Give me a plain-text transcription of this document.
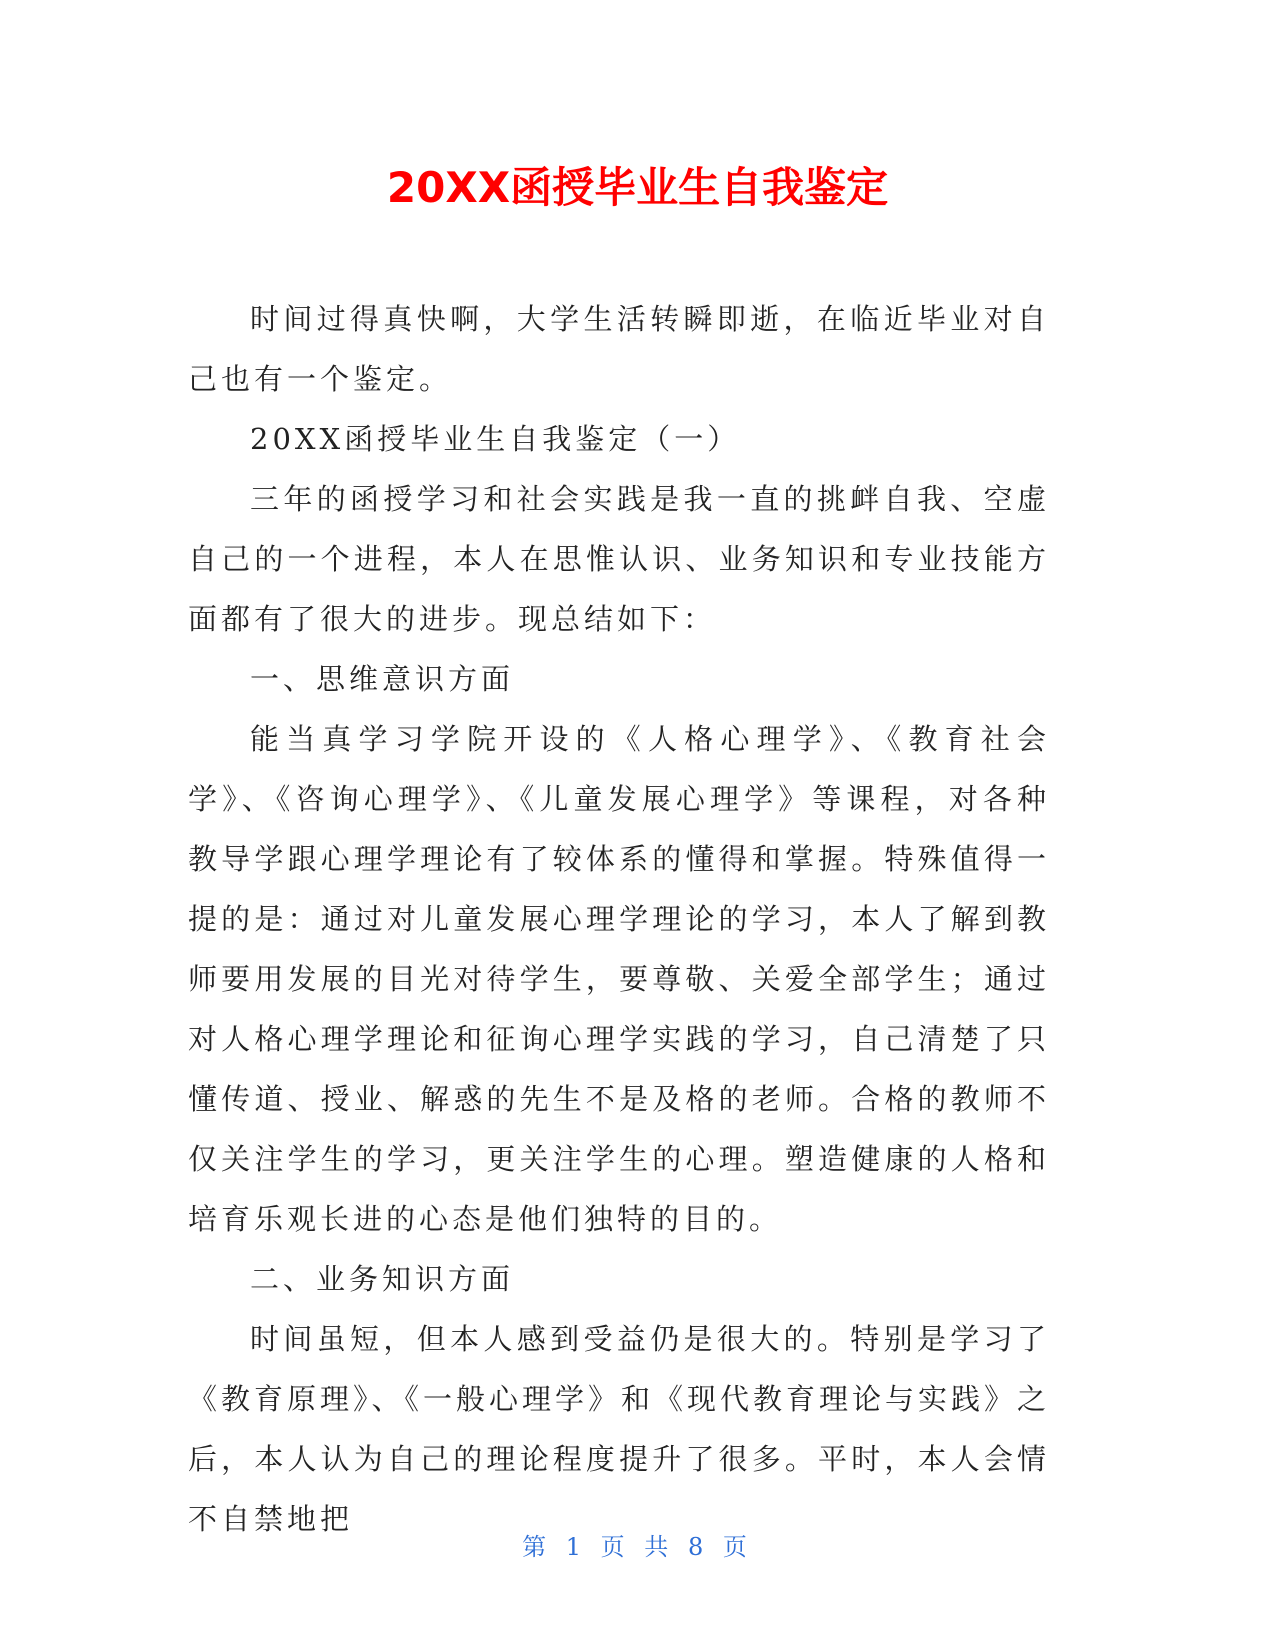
20XX函授毕业生自我鉴定

时间过得真快啊，大学生活转瞬即逝，在临近毕业对自己也有一个鉴定。

20XX函授毕业生自我鉴定（一）

三年的函授学习和社会实践是我一直的挑衅自我、空虚自己的一个进程，本人在思惟认识、业务知识和专业技能方面都有了很大的进步。现总结如下：

一、思维意识方面

能当真学习学院开设的《人格心理学》、《教育社会学》、《咨询心理学》、《儿童发展心理学》等课程，对各种教导学跟心理学理论有了较体系的懂得和掌握。特殊值得一提的是：通过对儿童发展心理学理论的学习，本人了解到教师要用发展的目光对待学生，要尊敬、关爱全部学生；通过对人格心理学理论和征询心理学实践的学习，自己清楚了只懂传道、授业、解惑的先生不是及格的老师。合格的教师不仅关注学生的学习，更关注学生的心理。塑造健康的人格和培育乐观长进的心态是他们独特的目的。

二、业务知识方面

时间虽短，但本人感到受益仍是很大的。特别是学习了《教育原理》、《一般心理学》和《现代教育理论与实践》之后，本人认为自己的理论程度提升了很多。平时，本人会情不自禁地把

第 1 页 共 8 页
